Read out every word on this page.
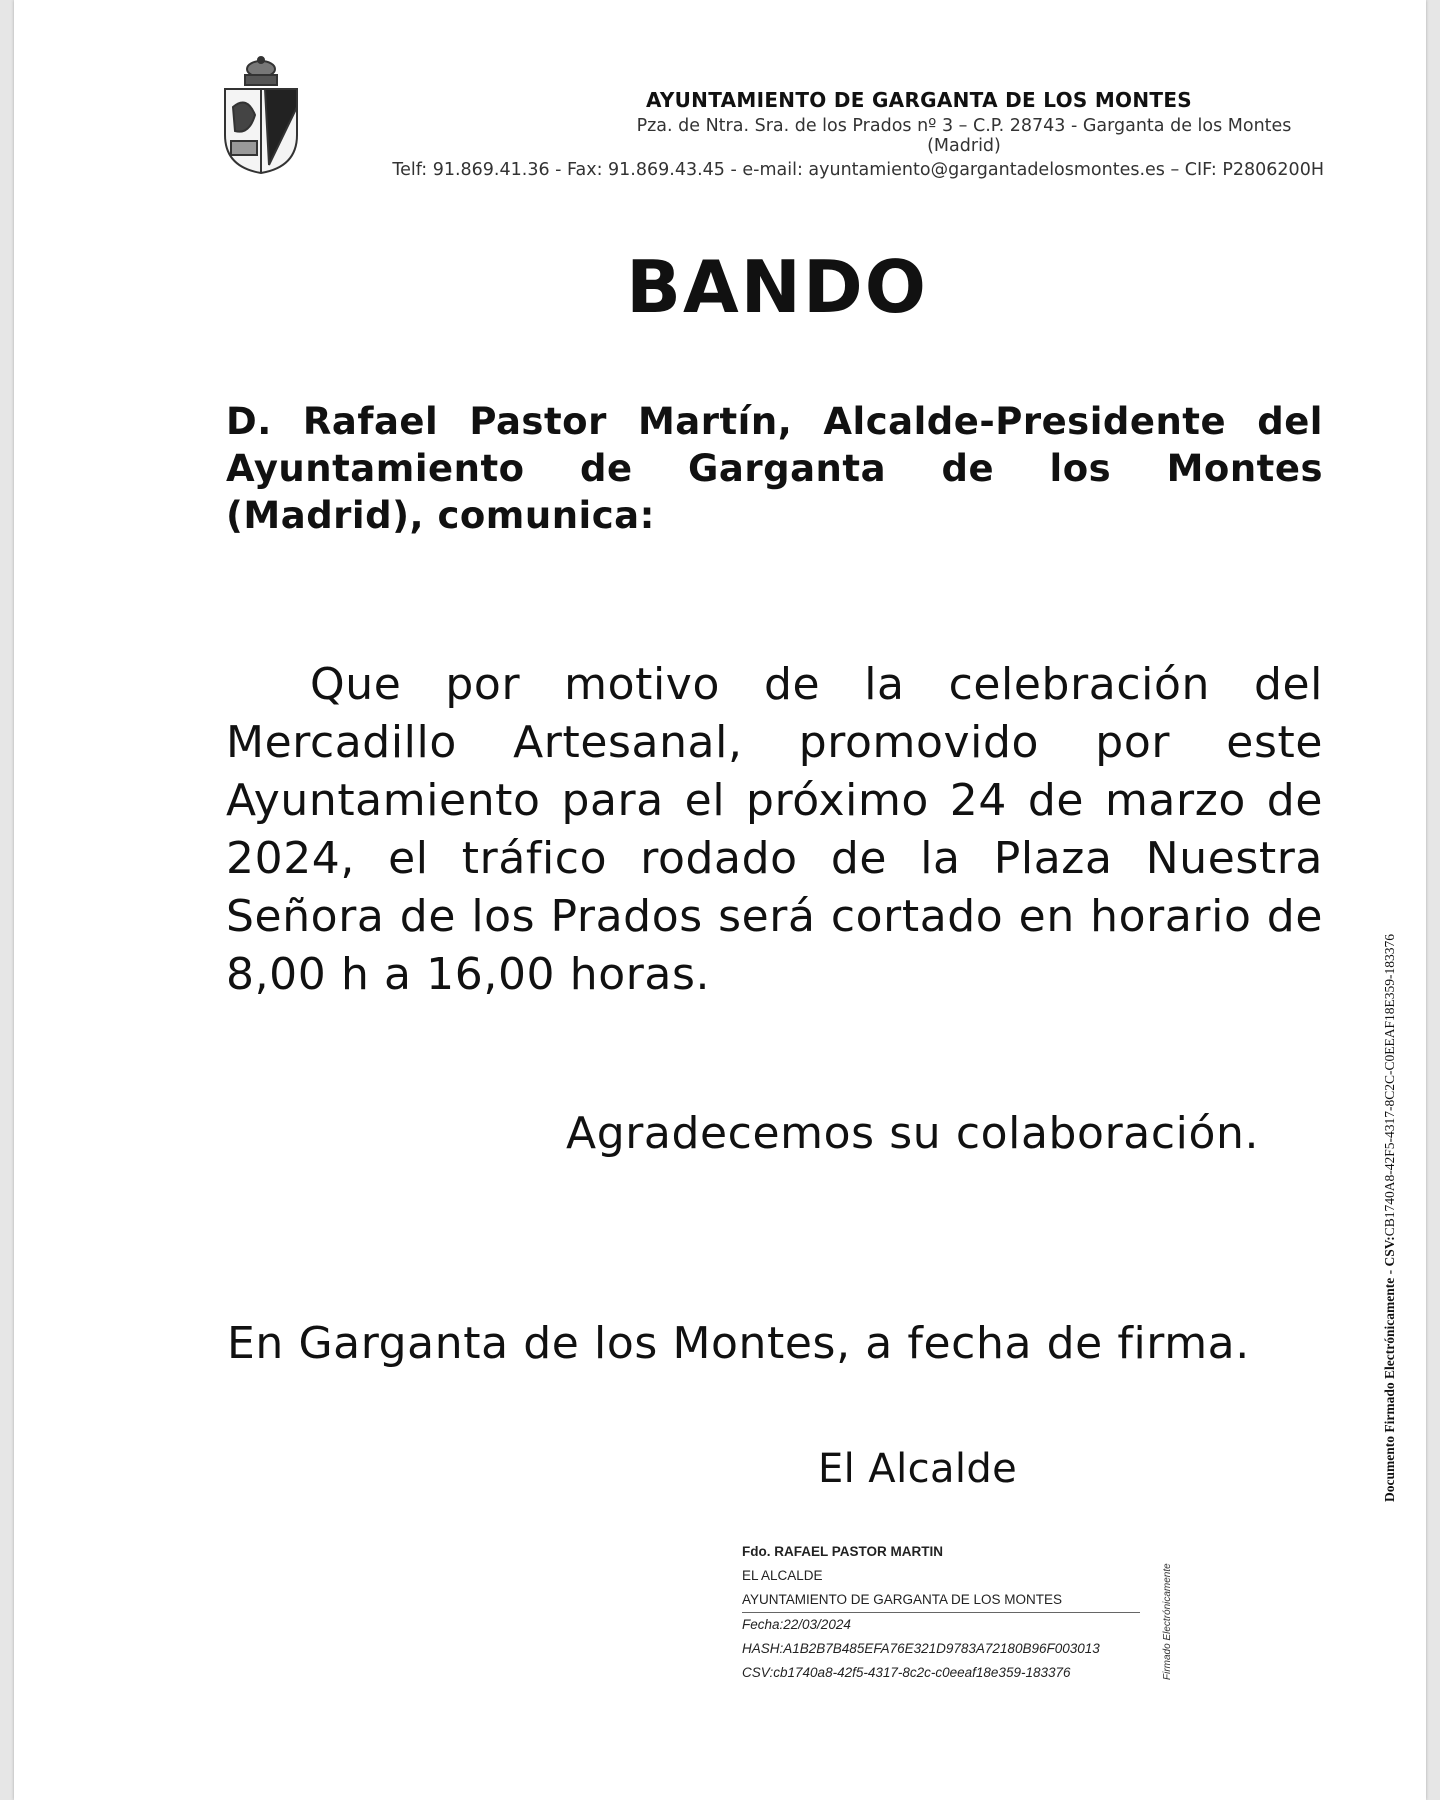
AYUNTAMIENTO DE GARGANTA DE LOS MONTES
Pza. de Ntra. Sra. de los Prados nº 3 – C.P. 28743 - Garganta de los Montes (Madrid)
Telf: 91.869.41.36 - Fax: 91.869.43.45 - e-mail: ayuntamiento@gargantadelosmontes.es – CIF: P2806200H
BANDO
D. Rafael Pastor Martín, Alcalde-Presidente del Ayuntamiento de Garganta de los Montes (Madrid), comunica:
Que por motivo de la celebración del Mercadillo Artesanal, promovido por este Ayuntamiento para el próximo 24 de marzo de 2024, el tráfico rodado de la Plaza Nuestra Señora de los Prados será cortado en horario de 8,00 h a 16,00 horas.
Agradecemos su colaboración.
En Garganta de los Montes, a fecha de firma.
El Alcalde
Fdo. RAFAEL PASTOR MARTIN
EL ALCALDE
AYUNTAMIENTO DE GARGANTA DE LOS MONTES
Fecha:22/03/2024
HASH:A1B2B7B485EFA76E321D9783A72180B96F003013
CSV:cb1740a8-42f5-4317-8c2c-c0eeaf18e359-183376	Firmado Electrónicamente
Documento Firmado Electrónicamente - CSV:CB1740A8-42F5-4317-8C2C-C0EEAF18E359-183376
